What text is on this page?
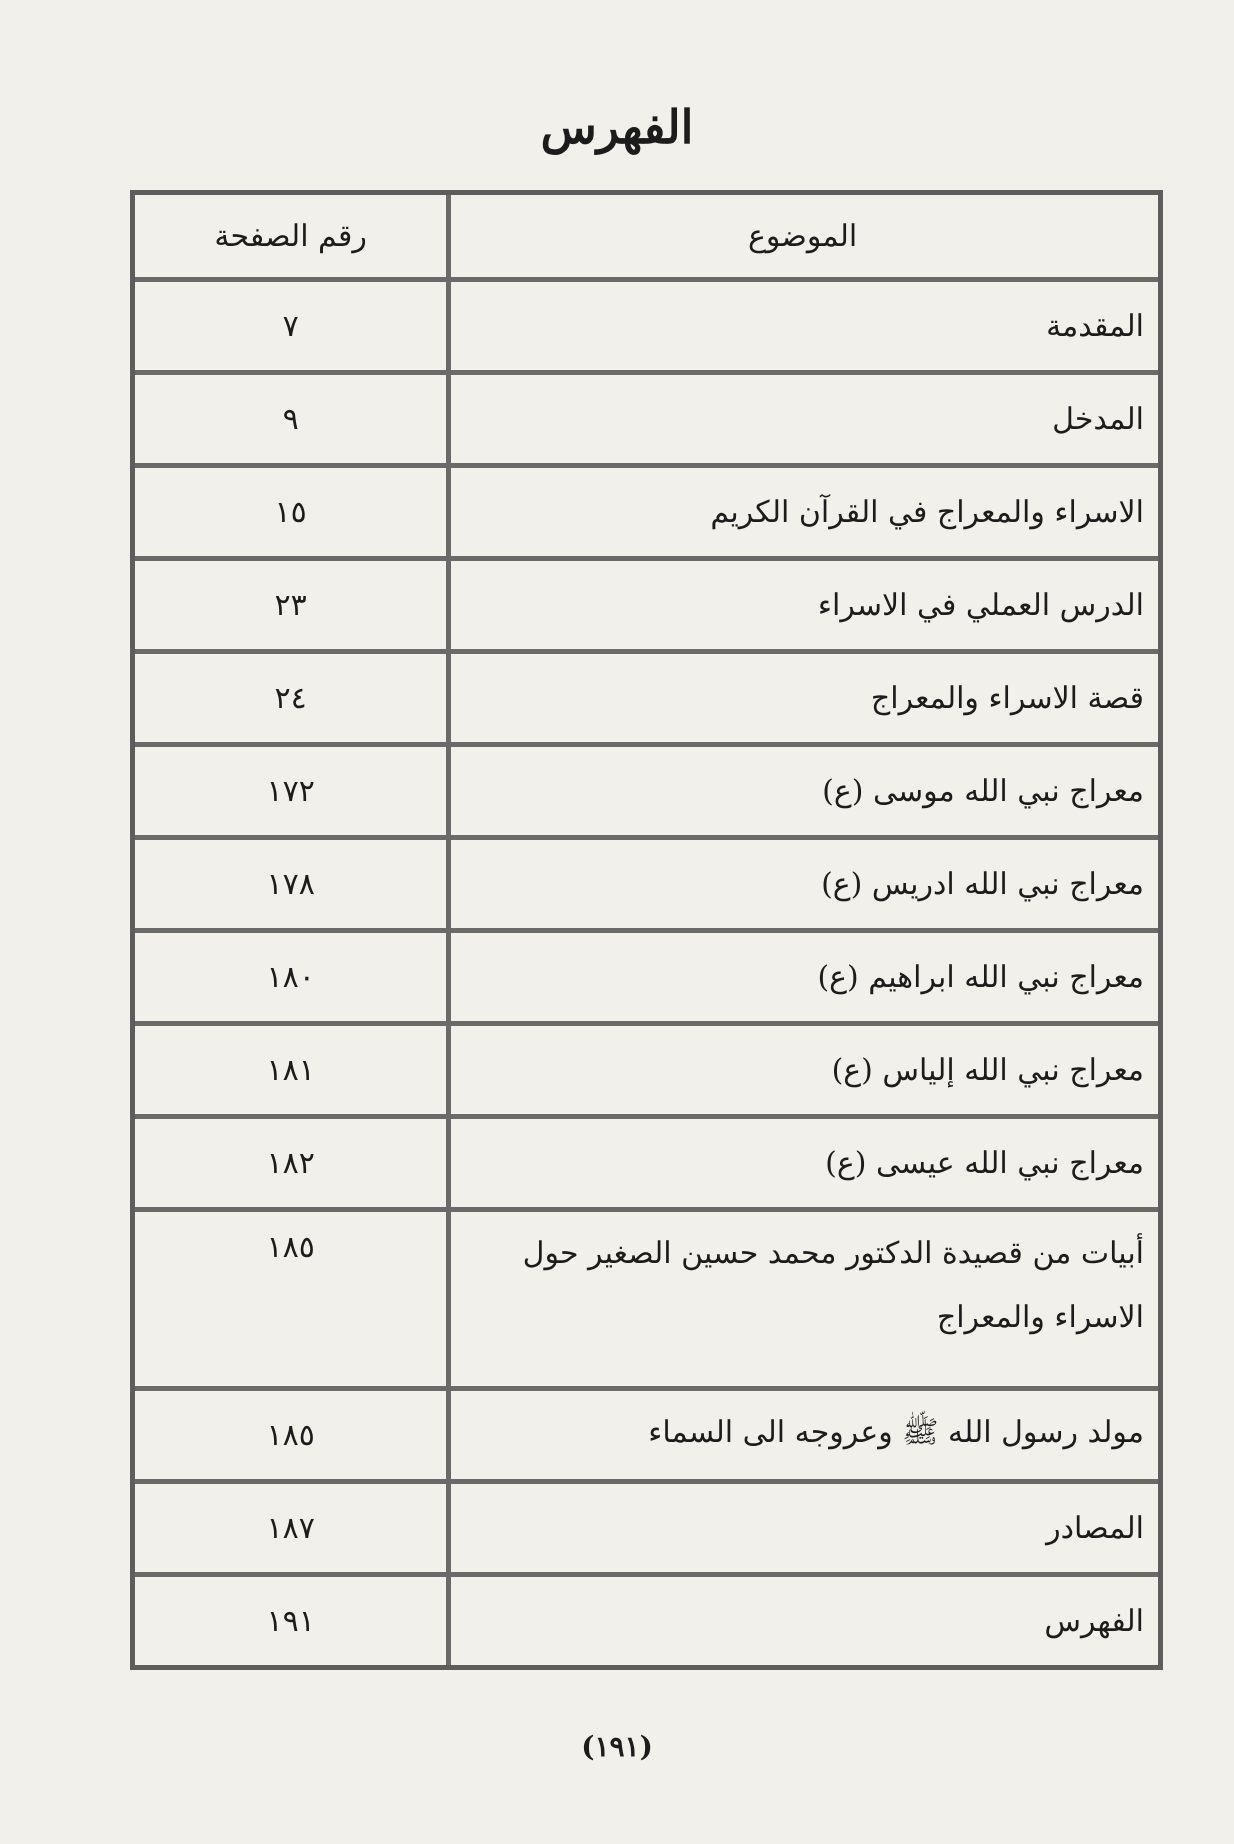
الفهرس
الموضوع	رقم الصفحة
المقدمة	٧
المدخل	٩
الاسراء والمعراج في القرآن الكريم	١٥
الدرس العملي في الاسراء	٢٣
قصة الاسراء والمعراج	٢٤
معراج نبي الله موسى (ع)	١٧٢
معراج نبي الله ادريس (ع)	١٧٨
معراج نبي الله ابراهيم (ع)	١٨٠
معراج نبي الله إلياس (ع)	١٨١
معراج نبي الله عيسى (ع)	١٨٢
أبيات من قصيدة الدكتور محمد حسين الصغير حول الاسراء والمعراج	١٨٥
مولد رسول الله ﷺ وعروجه الى السماء	١٨٥
المصادر	١٨٧
الفهرس	١٩١
(١٩١)
